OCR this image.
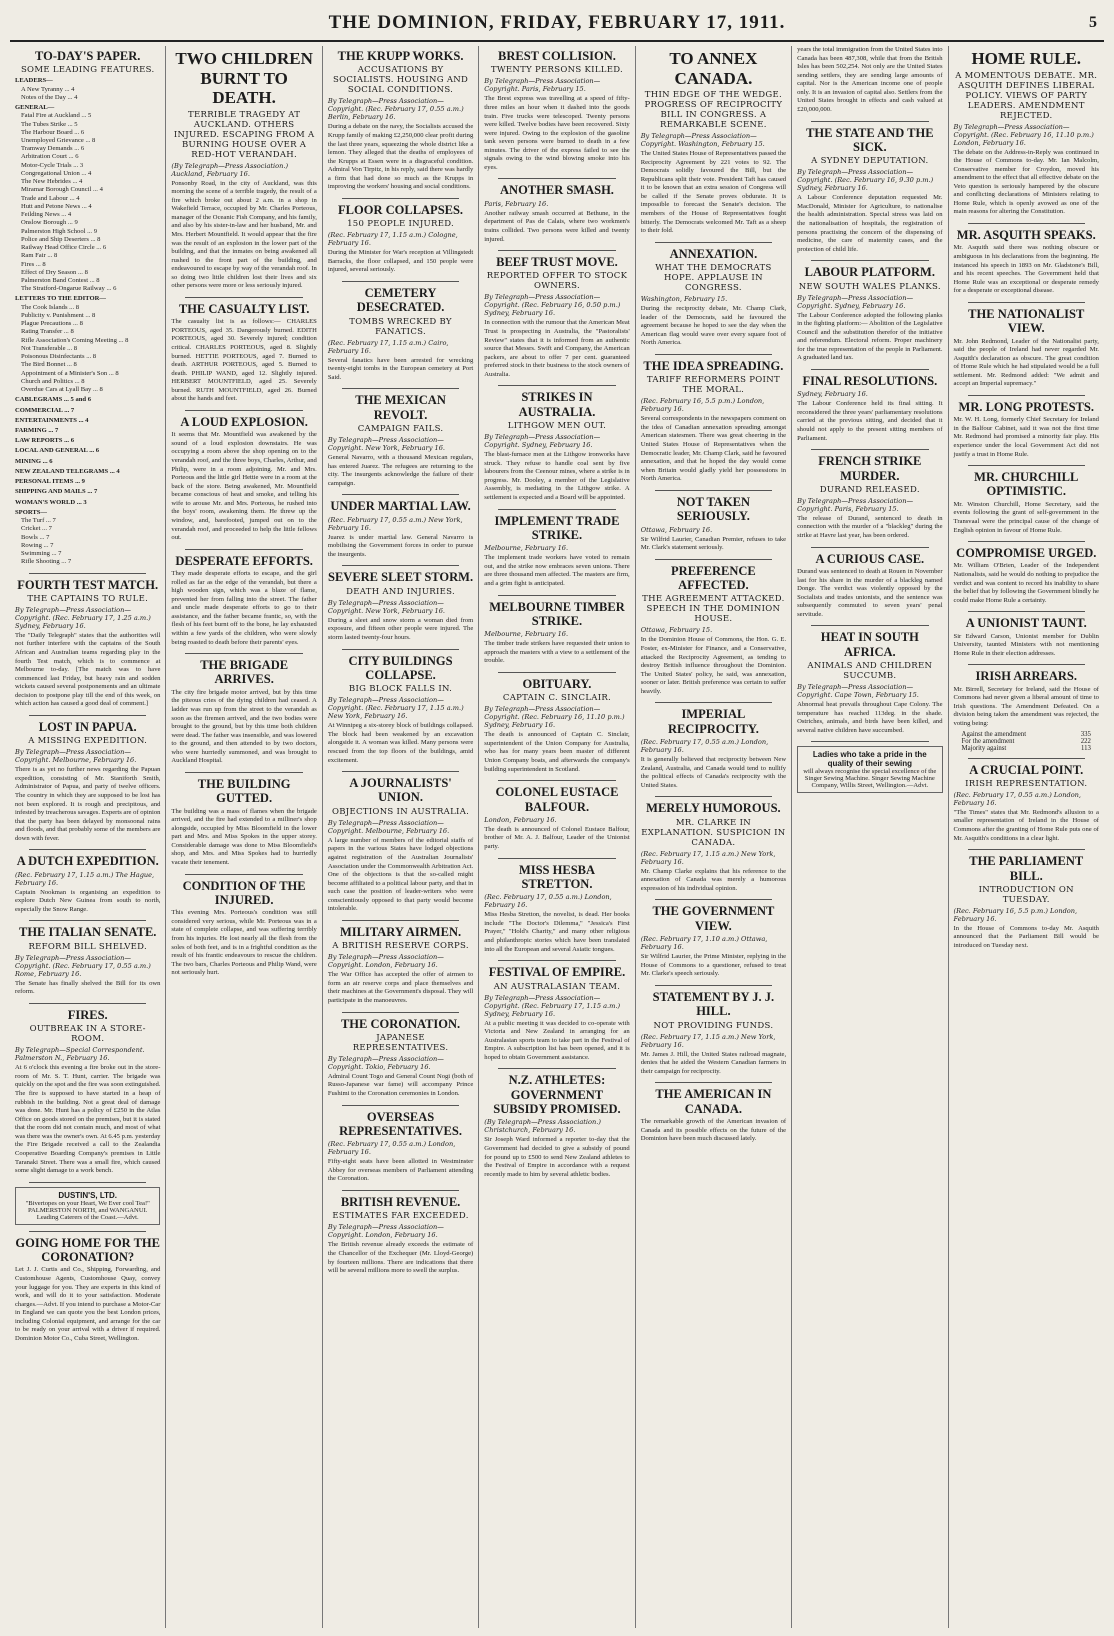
THE DOMINION, FRIDAY, FEBRUARY 17, 1911.	5
TO-DAY'S PAPER.
SOME LEADING FEATURES.
LEADERS—
A New Tyranny ... 4
Notes of the Day ... 4
GENERAL—
Fatal Fire at Auckland ... 5
The Tubes Strike ... 5
The Harbour Board ... 6
Unemployed Grievance ... 8
Tramway Demands ... 6
Arbitration Court ... 6
Motor-Cycle Trials ... 3
Congregational Union ... 4
The New Hebrides ... 4
Miramar Borough Council ... 4
Trade and Labour ... 4
Hutt and Petone News ... 4
Feilding News ... 4
Onslow Borough ... 9
Palmerston High School ... 9
Police and Ship Deserters ... 8
Railway Head Office Circle ... 6
Ram Fair ... 8
Fires ... 8
Effect of Dry Season ... 8
Palmerston Band Contest ... 8
The Stratford-Ongarue Railway ... 6
LETTERS TO THE EDITOR—
The Cook Islands ... 8
Publicity v. Punishment ... 8
Plague Precautions ... 8
Rating Transfer ... 8
Rifle Association's Coming Meeting ... 8
Not Transferable ... 8
Poisonous Disinfectants ... 8
The Bird Bonnet ... 8
Appointment of a Minister's Son ... 8
Church and Politics ... 8
Overdue Cars at Lyall Bay ... 8
CABLEGRAMS ... 5 and 6
COMMERCIAL ... 7
ENTERTAINMENTS ... 4
FARMING ... 7
LAW REPORTS ... 6
LOCAL AND GENERAL ... 6
MINING ... 6
NEW ZEALAND TELEGRAMS ... 4
PERSONAL ITEMS ... 9
SHIPPING AND MAILS ... 7
WOMAN'S WORLD ... 3
SPORTS—
The Turf ... 7
Cricket ... 7
Bowls ... 7
Rowing ... 7
Swimming ... 7
Rifle Shooting ... 7
FOURTH TEST MATCH.
THE CAPTAINS TO RULE.
By Telegraph—Press Association—Copyright. (Rec. February 17, 1.25 a.m.) Sydney, February 16.

The "Daily Telegraph" states that the authorities will not further interfere with the captains of the South African and Australian teams regarding play in the fourth Test match, which is to commence at Melbourne to-day. [The match was to have commenced last Friday, but heavy rain and sodden wickets caused several postponements and an ultimate decision to postpone play till the end of this week, on which action has caused a good deal of comment.]

LOST IN PAPUA.
A MISSING EXPEDITION.
By Telegraph—Press Association—Copyright. Melbourne, February 16.

There is as yet no further news regarding the Papuan expedition, consisting of Mr. Staniforth Smith, Administrator of Papua, and party of twelve officers. The country in which they are supposed to be lost has not been explored. It is rough and precipitous, and infested by treacherous savages. Experts are of opinion that the party has been delayed by monsoonal rains and floods, and that probably some of the members are down with fever.

A DUTCH EXPEDITION.
(Rec. February 17, 1.15 a.m.) The Hague, February 16.

Captain Nookman is organising an expedition to explore Dutch New Guinea from south to north, especially the Snow Range.

THE ITALIAN SENATE.
REFORM BILL SHELVED.
By Telegraph—Press Association—Copyright. (Rec. February 17, 0.55 a.m.) Rome, February 16.

The Senate has finally shelved the Bill for its own reform.

FIRES.
OUTBREAK IN A STORE-ROOM.
By Telegraph—Special Correspondent. Palmerston N., February 16.

At 6 o'clock this evening a fire broke out in the store-room of Mr. S. T. Hunt, carrier. The brigade was quickly on the spot and the fire was soon extinguished. The fire is supposed to have started in a heap of rubbish in the building. Not a great deal of damage was done. Mr. Hunt has a policy of £250 in the Atlas Office on goods stored on the premises, but it is stated that the room did not contain much, and most of what was there was the owner's own. At 6.45 p.m. yesterday the Fire Brigade received a call to the Zealandia Cooperative Boarding Company's premises in Little Taranaki Street. There was a small fire, which caused some slight damage to a work bench.

DUSTIN'S, LTD.
"Bivertopes on your Heart, We Ever cool Tea!" PALMERSTON NORTH, and WANGANUI. Leading Caterers of the Coast.—Advt.
GOING HOME FOR THE CORONATION?

Let J. J. Curtis and Co., Shipping, Forwarding, and Customhouse Agents, Customhouse Quay, convey your luggage for you. They are experts in this kind of work, and will do it to your satisfaction. Moderate charges.—Advt. If you intend to purchase a Motor-Car in England we can quote you the best London prices, including Colonial equipment, and arrange for the car to be ready on your arrival with a driver if required. Dominion Motor Co., Cuba Street, Wellington.

TWO CHILDREN BURNT TO DEATH.
TERRIBLE TRAGEDY AT AUCKLAND. OTHERS INJURED. ESCAPING FROM A BURNING HOUSE OVER A RED-HOT VERANDAH.
(By Telegraph—Press Association.) Auckland, February 16.

Ponsonby Road, in the city of Auckland, was this morning the scene of a terrible tragedy, the result of a fire which broke out about 2 a.m. in a shop in Wakefield Terrace, occupied by Mr. Charles Porteous, manager of the Oceanic Fish Company, and his family, and also by his sister-in-law and her husband, Mr. and Mrs. Herbert Mountfield. It would appear that the fire was the result of an explosion in the lower part of the building, and that the inmates on being awakened all rushed to the front part of the building, and endeavoured to escape by way of the verandah roof. In so doing two little children lost their lives and six other persons were more or less seriously injured.

THE CASUALTY LIST.

The casualty list is as follows:— CHARLES PORTEOUS, aged 35. Dangerously burned. EDITH PORTEOUS, aged 30. Severely injured; condition critical. CHARLES PORTEOUS, aged 8. Slightly burned. HETTIE PORTEOUS, aged 7. Burned to death. ARTHUR PORTEOUS, aged 5. Burned to death. PHILIP WAND, aged 12. Slightly injured. HERBERT MOUNTFIELD, aged 25. Severely burned. RUTH MOUNTFIELD, aged 26. Burned about the hands and feet.

A LOUD EXPLOSION.

It seems that Mr. Mountfield was awakened by the sound of a loud explosion downstairs. He was occupying a room above the shop opening on to the verandah roof, and the three boys, Charles, Arthur, and Philip, were in a room adjoining. Mr. and Mrs. Porteous and the little girl Hettie were in a room at the back of the store. Being awakened, Mr. Mountfield became conscious of heat and smoke, and telling his wife to arouse Mr. and Mrs. Porteous, he rushed into the boys' room, awakening them. He threw up the window, and, barefooted, jumped out on to the verandah roof, and proceeded to help the little fellows out.

DESPERATE EFFORTS.

They made desperate efforts to escape, and the girl rolled as far as the edge of the verandah, but there a high wooden sign, which was a blaze of flame, prevented her from falling into the street. The father and uncle made desperate efforts to go to their assistance, and the father became frantic, so, with the flesh of his feet burnt off to the bone, he lay exhausted within a few yards of the children, who were slowly being roasted to death before their parents' eyes.

THE BRIGADE ARRIVES.

The city fire brigade motor arrived, but by this time the piteous cries of the dying children had ceased. A ladder was run up from the street to the verandah as soon as the firemen arrived, and the two bodies were brought to the ground, but by this time both children were dead. The father was insensible, and was lowered to the ground, and then attended to by two doctors, who were hurriedly summoned, and was brought to Auckland Hospital.

THE BUILDING GUTTED.

The building was a mass of flames when the brigade arrived, and the fire had extended to a milliner's shop alongside, occupied by Miss Bloomfield in the lower part and Mrs. and Miss Spokes in the upper storey. Considerable damage was done to Miss Bloomfield's shop, and Mrs. and Miss Spokes had to hurriedly vacate their tenement.

CONDITION OF THE INJURED.

This evening Mrs. Porteous's condition was still considered very serious, while Mr. Porteous was in a state of complete collapse, and was suffering terribly from his injuries. He lost nearly all the flesh from the soles of both feet, and is in a frightful condition as the result of his frantic endeavours to rescue the children. The two bars, Charles Porteous and Philip Wand, were not seriously hurt.

THE KRUPP WORKS.
ACCUSATIONS BY SOCIALISTS. HOUSING AND SOCIAL CONDITIONS.
By Telegraph—Press Association—Copyright. (Rec. February 17, 0.55 a.m.) Berlin, February 16.

During a debate on the navy, the Socialists accused the Krupp family of making £2,250,000 clear profit during the last three years, squeezing the whole district like a lemon. They alleged that the deaths of employees of the Krupps at Essen were in a disgraceful condition. Admiral Von Tirpitz, in his reply, said there was hardly a firm that had done so much as the Krupps in improving the workers' housing and social conditions.

FLOOR COLLAPSES.
150 PEOPLE INJURED.
(Rec. February 17, 1.15 a.m.) Cologne, February 16.

During the Minister for War's reception at Villingstedt Barracks, the floor collapsed, and 150 people were injured, several seriously.

CEMETERY DESECRATED.
TOMBS WRECKED BY FANATICS.
(Rec. February 17, 1.15 a.m.) Cairo, February 16.

Several fanatics have been arrested for wrecking twenty-eight tombs in the European cemetery at Port Said.

THE MEXICAN REVOLT.
CAMPAIGN FAILS.
By Telegraph—Press Association—Copyright. New York, February 16.

General Navarro, with a thousand Mexican regulars, has entered Juarez. The refugees are returning to the city. The insurgents acknowledge the failure of their campaign.

UNDER MARTIAL LAW.
(Rec. February 17, 0.55 a.m.) New York, February 16.

Juarez is under martial law. General Navarro is mobilising the Government forces in order to pursue the insurgents.

SEVERE SLEET STORM.
DEATH AND INJURIES.
By Telegraph—Press Association—Copyright. New York, February 16.

During a sleet and snow storm a woman died from exposure, and fifteen other people were injured. The storm lasted twenty-four hours.

CITY BUILDINGS COLLAPSE.
BIG BLOCK FALLS IN.
By Telegraph—Press Association—Copyright. (Rec. February 17, 1.15 a.m.) New York, February 16.

At Winnipeg a six-storey block of buildings collapsed. The block had been weakened by an excavation alongside it. A woman was killed. Many persons were rescued from the top floors of the buildings, amid excitement.

A JOURNALISTS' UNION.
OBJECTIONS IN AUSTRALIA.
By Telegraph—Press Association—Copyright. Melbourne, February 16.

A large number of members of the editorial staffs of papers in the various States have lodged objections against registration of the Australian Journalists' Association under the Commonwealth Arbitration Act. One of the objections is that the so-called might become affiliated to a political labour party, and that in such case the position of leader-writers who were conscientiously opposed to that party would become intolerable.

MILITARY AIRMEN.
A BRITISH RESERVE CORPS.
By Telegraph—Press Association—Copyright. London, February 16.

The War Office has accepted the offer of airmen to form an air reserve corps and place themselves and their machines at the Government's disposal. They will participate in the manoeuvres.

THE CORONATION.
JAPANESE REPRESENTATIVES.
By Telegraph—Press Association—Copyright. Tokio, February 16.

Admiral Count Togo and General Count Nogi (both of Russo-Japanese war fame) will accompany Prince Fushimi to the Coronation ceremonies in London.

OVERSEAS REPRESENTATIVES.
(Rec. February 17, 0.55 a.m.) London, February 16.

Fifty-eight seats have been allotted in Westminster Abbey for overseas members of Parliament attending the Coronation.

BRITISH REVENUE.
ESTIMATES FAR EXCEEDED.
By Telegraph—Press Association—Copyright. London, February 16.

The British revenue already exceeds the estimate of the Chancellor of the Exchequer (Mr. Lloyd-George) by fourteen millions. There are indications that there will be several millions more to swell the surplus.

BREST COLLISION.
TWENTY PERSONS KILLED.
By Telegraph—Press Association—Copyright. Paris, February 15.

The Brest express was travelling at a speed of fifty-three miles an hour when it dashed into the goods train. Five trucks were telescoped. Twenty persons were killed. Twelve bodies have been recovered. Sixty were injured. Owing to the explosion of the gasoline tank seven persons were burned to death in a few minutes. The driver of the express failed to see the signals owing to the wind blowing smoke into his eyes.

ANOTHER SMASH.
Paris, February 16.

Another railway smash occurred at Bethune, in the department of Pas de Calais, where two workmen's trains collided. Two persons were killed and twenty injured.

BEEF TRUST MOVE.
REPORTED OFFER TO STOCK OWNERS.
By Telegraph—Press Association—Copyright. (Rec. February 16, 0.50 p.m.) Sydney, February 16.

In connection with the rumour that the American Meat Trust is prospecting in Australia, the "Pastoralists' Review" states that it is informed from an authentic source that Messrs. Swift and Company, the American packers, are about to offer 7 per cent. guaranteed preferred stock in their business to the stock owners of Australia.

STRIKES IN AUSTRALIA.
LITHGOW MEN OUT.
By Telegraph—Press Association—Copyright. Sydney, February 16.

The blast-furnace men at the Lithgow ironworks have struck. They refuse to handle coal sent by five labourers from the Ceenour mines, where a strike is in progress. Mr. Dooley, a member of the Legislative Assembly, is mediating in the Lithgow strike. A settlement is expected and a Board will be appointed.

IMPLEMENT TRADE STRIKE.
Melbourne, February 16.

The implement trade workers have voted to remain out, and the strike now embraces seven unions. There are three thousand men affected. The masters are firm, and a grim fight is anticipated.

MELBOURNE TIMBER STRIKE.
Melbourne, February 16.

The timber trade strikers have requested their union to approach the masters with a view to a settlement of the trouble.

OBITUARY.
CAPTAIN C. SINCLAIR.
By Telegraph—Press Association—Copyright. (Rec. February 16, 11.10 p.m.) Sydney, February 16.

The death is announced of Captain C. Sinclair, superintendent of the Union Company for Australia, who has for many years been master of different Union Company boats, and afterwards the company's building superintendent in Scotland.

COLONEL EUSTACE BALFOUR.
London, February 16.

The death is announced of Colonel Eustace Balfour, brother of Mr. A. J. Balfour, Leader of the Unionist party.

MISS HESBA STRETTON.
(Rec. February 17, 0.55 a.m.) London, February 16.

Miss Hesba Stretton, the novelist, is dead. Her books include "The Doctor's Dilemma," "Jessica's First Prayer," "Hold's Charity," and many other religious and philanthropic stories which have been translated into all the European and several Asiatic tongues.

FESTIVAL OF EMPIRE.
AN AUSTRALASIAN TEAM.
By Telegraph—Press Association—Copyright. (Rec. February 17, 1.15 a.m.) Sydney, February 16.

At a public meeting it was decided to co-operate with Victoria and New Zealand in arranging for an Australasian sports team to take part in the Festival of Empire. A subscription list has been opened, and it is hoped to obtain Government assistance.

N.Z. ATHLETES: GOVERNMENT SUBSIDY PROMISED.
(By Telegraph—Press Association.) Christchurch, February 16.

Sir Joseph Ward informed a reporter to-day that the Government had decided to give a subsidy of pound for pound up to £500 to send New Zealand athletes to the Festival of Empire in accordance with a request recently made to him by several athletic bodies.

TO ANNEX CANADA.
THIN EDGE OF THE WEDGE. PROGRESS OF RECIPROCITY BILL IN CONGRESS. A REMARKABLE SCENE.
By Telegraph—Press Association—Copyright. Washington, February 15.

The United States House of Representatives passed the Reciprocity Agreement by 221 votes to 92. The Democrats solidly favoured the Bill, but the Republicans split their vote. President Taft has caused it to be known that an extra session of Congress will be called if the Senate proves obdurate. It is impossible to forecast the Senate's decision. The members of the House of Representatives fought bitterly. The Democrats welcomed Mr. Taft as a sheep to their fold.

ANNEXATION.
WHAT THE DEMOCRATS HOPE. APPLAUSE IN CONGRESS.
Washington, February 15.

During the reciprocity debate, Mr. Champ Clark, leader of the Democrats, said he favoured the agreement because he hoped to see the day when the American flag would wave over every square foot of North America.

THE IDEA SPREADING.
TARIFF REFORMERS POINT THE MORAL.
(Rec. February 16, 5.5 p.m.) London, February 16.

Several correspondents in the newspapers comment on the idea of Canadian annexation spreading amongst American statesmen. There was great cheering in the United States House of Representatives when the Democratic leader, Mr. Champ Clark, said he favoured annexation, and that he hoped the day would come when Britain would gladly yield her possessions in North America.

NOT TAKEN SERIOUSLY.
Ottawa, February 16.

Sir Wilfrid Laurier, Canadian Premier, refuses to take Mr. Clark's statement seriously.

PREFERENCE AFFECTED.
THE AGREEMENT ATTACKED. SPEECH IN THE DOMINION HOUSE.
Ottawa, February 15.

In the Dominion House of Commons, the Hon. G. E. Foster, ex-Minister for Finance, and a Conservative, attacked the Reciprocity Agreement, as tending to destroy British influence throughout the Dominion. The United States' policy, he said, was annexation, sooner or later. British preference was certain to suffer heavily.

IMPERIAL RECIPROCITY.
(Rec. February 17, 0.55 a.m.) London, February 16.

It is generally believed that reciprocity between New Zealand, Australia, and Canada would tend to nullify the political effects of Canada's reciprocity with the United States.

MERELY HUMOROUS.
MR. CLARKE IN EXPLANATION. SUSPICION IN CANADA.
(Rec. February 17, 1.15 a.m.) New York, February 16.

Mr. Champ Clarke explains that his reference to the annexation of Canada was merely a humorous expression of his individual opinion.

THE GOVERNMENT VIEW.
(Rec. February 17, 1.10 a.m.) Ottawa, February 16.

Sir Wilfrid Laurier, the Prime Minister, replying in the House of Commons to a questioner, refused to treat Mr. Clarke's speech seriously.

STATEMENT BY J. J. HILL.
NOT PROVIDING FUNDS.
(Rec. February 17, 1.15 a.m.) New York, February 16.

Mr. James J. Hill, the United States railroad magnate, denies that he aided the Western Canadian farmers in their campaign for reciprocity.

THE AMERICAN IN CANADA.

The remarkable growth of the American invasion of Canada and its possible effects on the future of the Dominion have been much discussed lately.

years the total immigration from the United States into Canada has been 487,308, while that from the British Isles has been 502,254. Not only are the United States sending settlers, they are sending large amounts of capital. Nor is the American income one of people only. It is an invasion of capital also. Settlers from the United States brought in effects and cash valued at £20,000,000.

THE STATE AND THE SICK.
A SYDNEY DEPUTATION.
By Telegraph—Press Association—Copyright. (Rec. February 16, 9.30 p.m.) Sydney, February 16.

A Labour Conference deputation requested Mr. MacDonald, Minister for Agriculture, to nationalise the health administration. Special stress was laid on the nationalisation of hospitals, the registration of persons practising the concern of the dispensing of medicine, the care of maternity cases, and the protection of child life.

LABOUR PLATFORM.
NEW SOUTH WALES PLANKS.
By Telegraph—Press Association—Copyright. Sydney, February 16.

The Labour Conference adopted the following planks in the fighting platform:— Abolition of the Legislative Council and the substitution therefor of the initiative and referendum. Electoral reform. Proper machinery for the true representation of the people in Parliament. A graduated land tax.

FINAL RESOLUTIONS.
Sydney, February 16.

The Labour Conference held its final sitting. It reconsidered the three years' parliamentary resolutions carried at the previous sitting, and decided that it should not apply to the present sitting members of Parliament.

FRENCH STRIKE MURDER.
DURAND RELEASED.
By Telegraph—Press Association—Copyright. Paris, February 15.

The release of Durand, sentenced to death in connection with the murder of a "blackleg" during the strike at Havre last year, has been ordered.

A CURIOUS CASE.

Durand was sentenced to death at Rouen in November last for his share in the murder of a blackleg named Donge. The verdict was violently opposed by the Socialists and trades unionists, and the sentence was subsequently commuted to seven years' penal servitude.

HEAT IN SOUTH AFRICA.
ANIMALS AND CHILDREN SUCCUMB.
By Telegraph—Press Association—Copyright. Cape Town, February 15.

Abnormal heat prevails throughout Cape Colony. The temperature has reached 113deg. in the shade. Ostriches, animals, and birds have been killed, and several native children have succumbed.

Ladies who take a pride in the quality of their sewing
will always recognise the special excellence of the Singer Sewing Machine. Singer Sewing Machine Company, Willis Street, Wellington.—Advt.
HOME RULE.
A MOMENTOUS DEBATE. MR. ASQUITH DEFINES LIBERAL POLICY. VIEWS OF PARTY LEADERS. AMENDMENT REJECTED.
By Telegraph—Press Association—Copyright. (Rec. February 16, 11.10 p.m.) London, February 16.

The debate on the Address-in-Reply was continued in the House of Commons to-day. Mr. Ian Malcolm, Conservative member for Croydon, moved his amendment to the effect that all effective debate on the Veto question is seriously hampered by the obscure and conflicting declarations of Ministers relating to Home Rule, which is openly avowed as one of the main reasons for altering the Constitution.

MR. ASQUITH SPEAKS.

Mr. Asquith said there was nothing obscure or ambiguous in his declarations from the beginning. He instanced his speech in 1893 on Mr. Gladstone's Bill, and his recent speeches. The Government held that Home Rule was an exceptional or desperate remedy for a desperate or exceptional disease.

THE NATIONALIST VIEW.

Mr. John Redmond, Leader of the Nationalist party, said the people of Ireland had never regarded Mr. Asquith's declaration as obscure. The great condition of Home Rule which he had stipulated would be a full settlement. Mr. Redmond added: "We admit and accept an Imperial supremacy."

MR. LONG PROTESTS.

Mr. W. H. Long, formerly Chief Secretary for Ireland in the Balfour Cabinet, said it was not the first time Mr. Redmond had promised a minority fair play. His experience under the local Government Act did not justify a trust in Home Rule.

MR. CHURCHILL OPTIMISTIC.

Mr. Winston Churchill, Home Secretary, said the events following the grant of self-government in the Transvaal were the principal cause of the change of English opinion in favour of Home Rule.

COMPROMISE URGED.

Mr. William O'Brien, Leader of the Independent Nationalists, said he would do nothing to prejudice the verdict and was content to record his inability to share the belief that by following the Government blindly he could make Home Rule a certainty.

A UNIONIST TAUNT.

Sir Edward Carson, Unionist member for Dublin University, taunted Ministers with not mentioning Home Rule in their election addresses.

IRISH ARREARS.

Mr. Birrell, Secretary for Ireland, said the House of Commons had never given a liberal amount of time to Irish questions. The Amendment Defeated. On a division being taken the amendment was rejected, the voting being:

Against the amendment	335
For the amendment	222
Majority against	113
A CRUCIAL POINT.
IRISH REPRESENTATION.
(Rec. February 17, 0.55 a.m.) London, February 16.

"The Times" states that Mr. Redmond's allusion to a smaller representation of Ireland in the House of Commons after the granting of Home Rule puts one of Mr. Asquith's conditions in a clear light.

THE PARLIAMENT BILL.
INTRODUCTION ON TUESDAY.
(Rec. February 16, 5.5 p.m.) London, February 16.

In the House of Commons to-day Mr. Asquith announced that the Parliament Bill would be introduced on Tuesday next.
